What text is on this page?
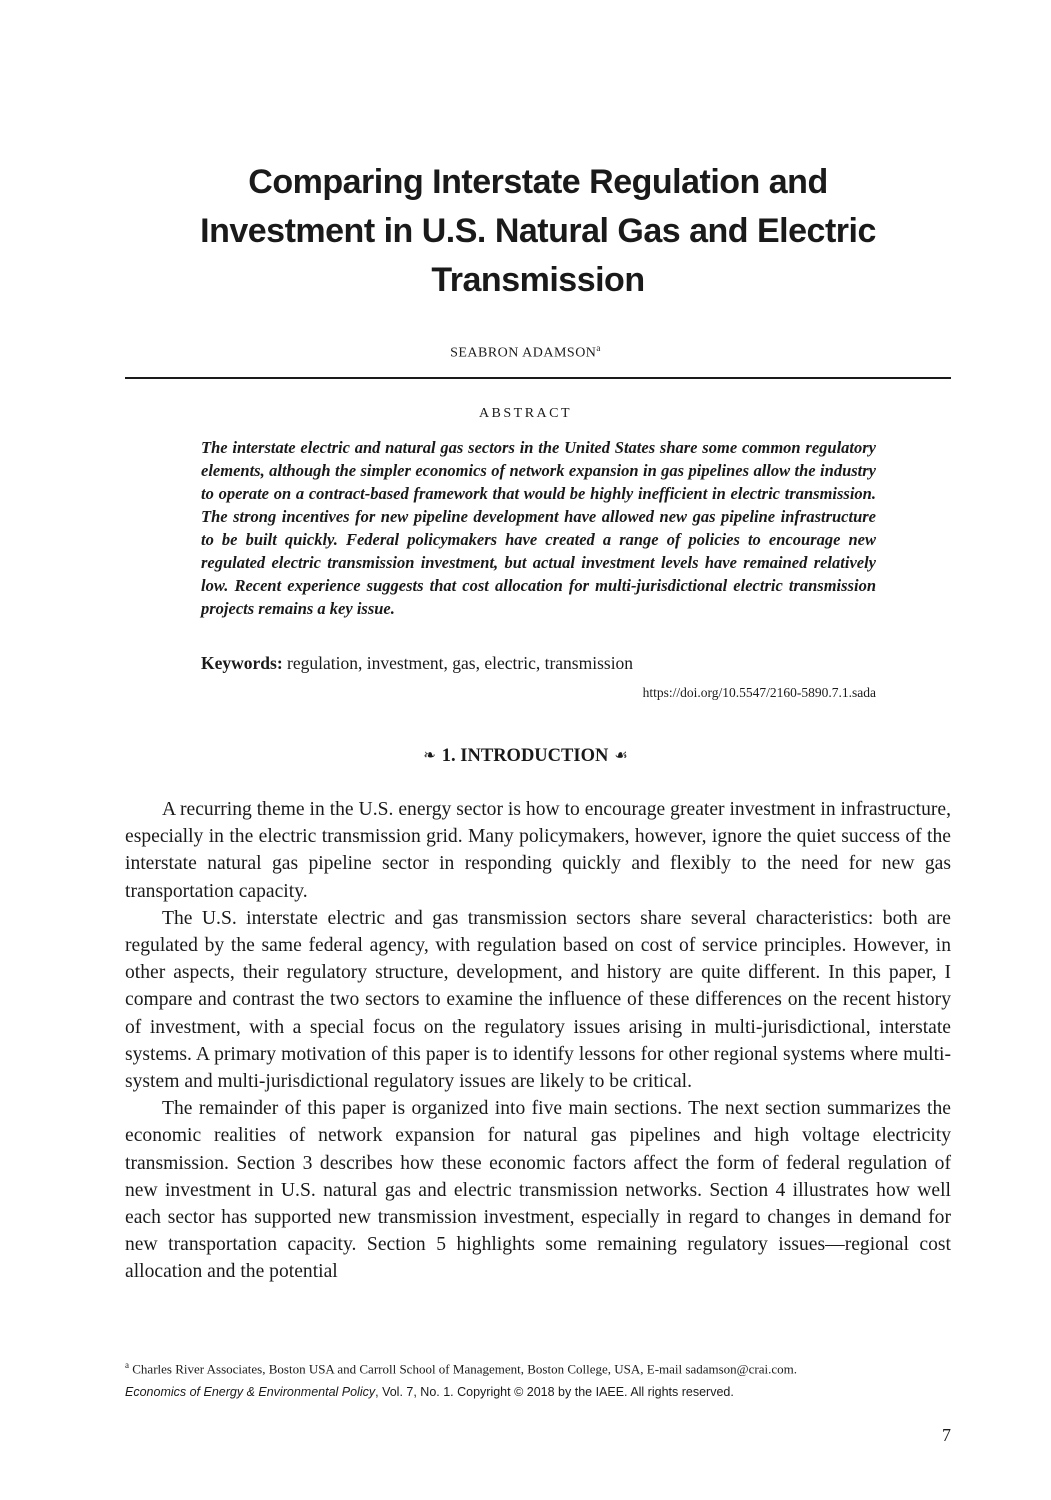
Comparing Interstate Regulation and
Investment in U.S. Natural Gas and Electric
Transmission
SEABRON ADAMSON$^a$
ABSTRACT
The interstate electric and natural gas sectors in the United States share some common regulatory elements, although the simpler economics of network expansion in gas pipelines allow the industry to operate on a contract-based framework that would be highly inefficient in electric transmission. The strong incentives for new pipeline development have allowed new gas pipeline infrastructure to be built quickly. Federal policymakers have created a range of policies to encourage new regulated electric transmission investment, but actual investment levels have remained relatively low. Recent experience suggests that cost allocation for multi-jurisdictional electric transmission projects remains a key issue.
Keywords: regulation, investment, gas, electric, transmission
https://doi.org/10.5547/2160-5890.7.1.sada
❧ 1. INTRODUCTION ☙

A recurring theme in the U.S. energy sector is how to encourage greater investment in infrastructure, especially in the electric transmission grid. Many policymakers, however, ignore the quiet success of the interstate natural gas pipeline sector in responding quickly and flexibly to the need for new gas transportation capacity.

The U.S. interstate electric and gas transmission sectors share several characteristics: both are regulated by the same federal agency, with regulation based on cost of service principles. However, in other aspects, their regulatory structure, development, and history are quite different. In this paper, I compare and contrast the two sectors to examine the influence of these differences on the recent history of investment, with a special focus on the regulatory issues arising in multi-jurisdictional, interstate systems. A primary motivation of this paper is to identify lessons for other regional systems where multi-system and multi-jurisdictional regulatory issues are likely to be critical.

The remainder of this paper is organized into five main sections. The next section summarizes the economic realities of network expansion for natural gas pipelines and high voltage electricity transmission. Section 3 describes how these economic factors affect the form of federal regulation of new investment in U.S. natural gas and electric transmission networks. Section 4 illustrates how well each sector has supported new transmission investment, especially in regard to changes in demand for new transportation capacity. Section 5 highlights some remaining regulatory issues—regional cost allocation and the potential

$^a$ Charles River Associates, Boston USA and Carroll School of Management, Boston College, USA, E-mail sadamson@crai.com.
Economics of Energy & Environmental Policy, Vol. 7, No. 1. Copyright © 2018 by the IAEE. All rights reserved.
7
